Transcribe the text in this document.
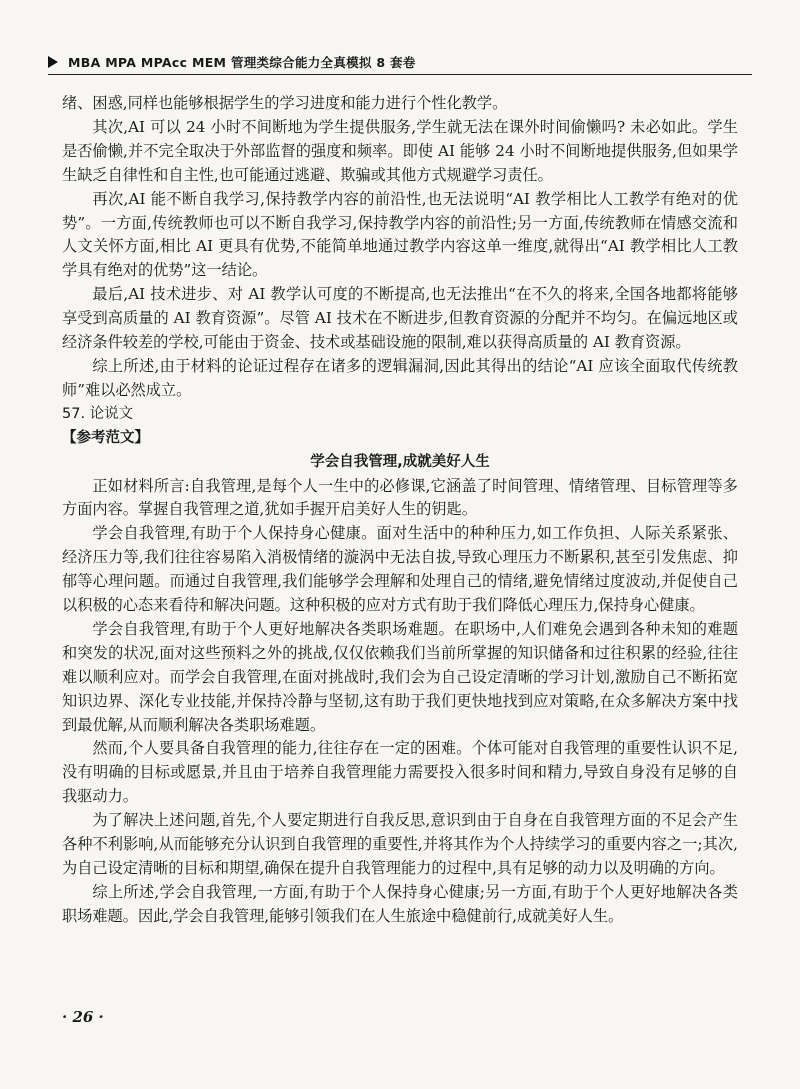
MBA MPA MPAcc MEM 管理类综合能力全真模拟 8 套卷

绪、困惑,同样也能够根据学生的学习进度和能力进行个性化教学。

其次,AI 可以 24 小时不间断地为学生提供服务,学生就无法在课外时间偷懒吗? 未必如此。学生是否偷懒,并不完全取决于外部监督的强度和频率。即使 AI 能够 24 小时不间断地提供服务,但如果学生缺乏自律性和自主性,也可能通过逃避、欺骗或其他方式规避学习责任。

再次,AI 能不断自我学习,保持教学内容的前沿性,也无法说明“AI 教学相比人工教学有绝对的优势”。一方面,传统教师也可以不断自我学习,保持教学内容的前沿性;另一方面,传统教师在情感交流和人文关怀方面,相比 AI 更具有优势,不能简单地通过教学内容这单一维度,就得出“AI 教学相比人工教学具有绝对的优势”这一结论。

最后,AI 技术进步、对 AI 教学认可度的不断提高,也无法推出“在不久的将来,全国各地都将能够享受到高质量的 AI 教育资源”。尽管 AI 技术在不断进步,但教育资源的分配并不均匀。在偏远地区或经济条件较差的学校,可能由于资金、技术或基础设施的限制,难以获得高质量的 AI 教育资源。

综上所述,由于材料的论证过程存在诸多的逻辑漏洞,因此其得出的结论“AI 应该全面取代传统教师”难以必然成立。

57. 论说文

【参考范文】

学会自我管理,成就美好人生

正如材料所言:自我管理,是每个人一生中的必修课,它涵盖了时间管理、情绪管理、目标管理等多方面内容。掌握自我管理之道,犹如手握开启美好人生的钥匙。

学会自我管理,有助于个人保持身心健康。面对生活中的种种压力,如工作负担、人际关系紧张、经济压力等,我们往往容易陷入消极情绪的漩涡中无法自拔,导致心理压力不断累积,甚至引发焦虑、抑郁等心理问题。而通过自我管理,我们能够学会理解和处理自己的情绪,避免情绪过度波动,并促使自己以积极的心态来看待和解决问题。这种积极的应对方式有助于我们降低心理压力,保持身心健康。

学会自我管理,有助于个人更好地解决各类职场难题。在职场中,人们难免会遇到各种未知的难题和突发的状况,面对这些预料之外的挑战,仅仅依赖我们当前所掌握的知识储备和过往积累的经验,往往难以顺利应对。而学会自我管理,在面对挑战时,我们会为自己设定清晰的学习计划,激励自己不断拓宽知识边界、深化专业技能,并保持冷静与坚韧,这有助于我们更快地找到应对策略,在众多解决方案中找到最优解,从而顺利解决各类职场难题。

然而,个人要具备自我管理的能力,往往存在一定的困难。个体可能对自我管理的重要性认识不足,没有明确的目标或愿景,并且由于培养自我管理能力需要投入很多时间和精力,导致自身没有足够的自我驱动力。

为了解决上述问题,首先,个人要定期进行自我反思,意识到由于自身在自我管理方面的不足会产生各种不利影响,从而能够充分认识到自我管理的重要性,并将其作为个人持续学习的重要内容之一;其次,为自己设定清晰的目标和期望,确保在提升自我管理能力的过程中,具有足够的动力以及明确的方向。

综上所述,学会自我管理,一方面,有助于个人保持身心健康;另一方面,有助于个人更好地解决各类职场难题。因此,学会自我管理,能够引领我们在人生旅途中稳健前行,成就美好人生。

· 26 ·
